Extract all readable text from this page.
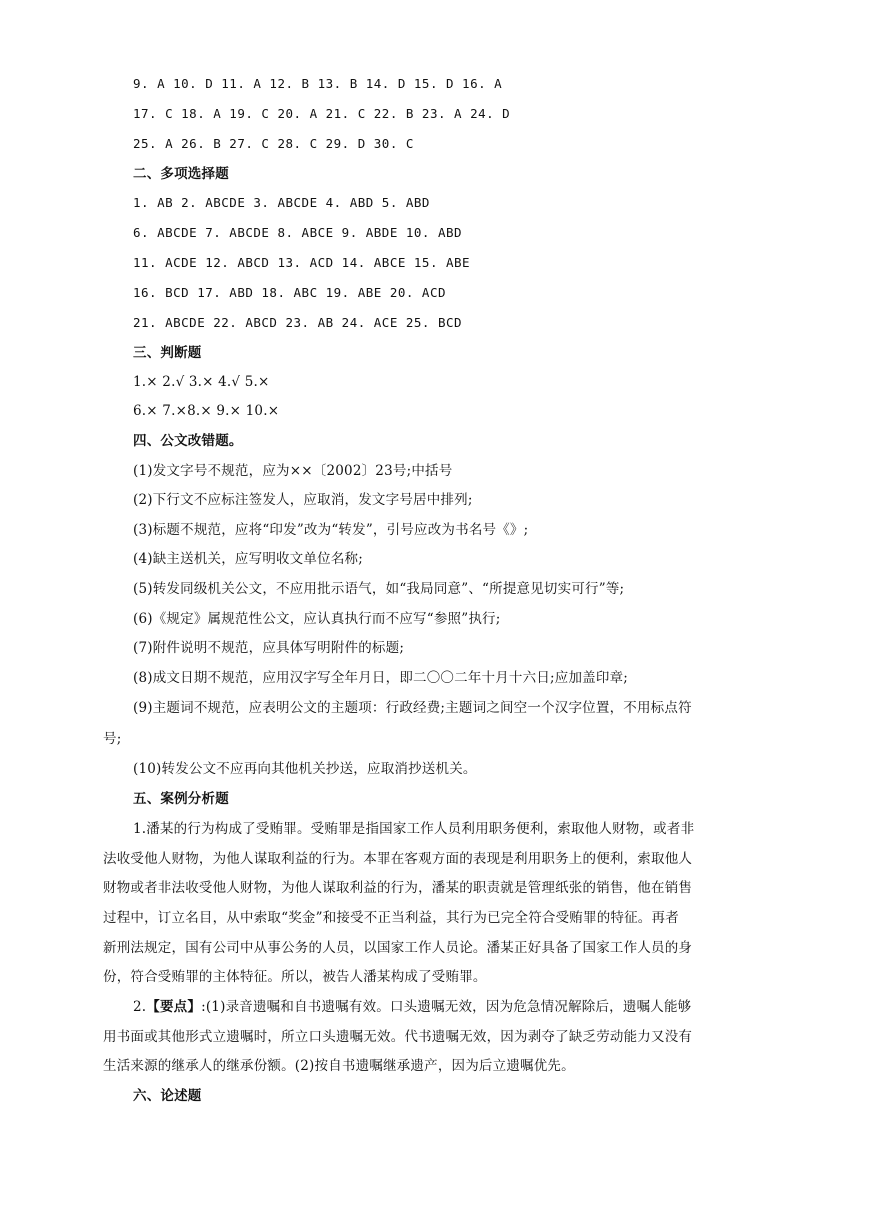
9. A 10. D 11. A 12. B 13. B 14. D 15. D 16. A
17. C 18. A 19. C 20. A 21. C 22. B 23. A 24. D
25. A 26. B 27. C 28. C 29. D 30. C
二、多项选择题
1. AB 2. ABCDE 3. ABCDE 4. ABD 5. ABD
6. ABCDE 7. ABCDE 8. ABCE 9. ABDE 10. ABD
11. ACDE 12. ABCD 13. ACD 14. ABCE 15. ABE
16. BCD 17. ABD 18. ABC 19. ABE 20. ACD
21. ABCDE 22. ABCD 23. AB 24. ACE 25. BCD
三、判断题
1.× 2.√ 3.× 4.√ 5.×
6.× 7.×8.× 9.× 10.×
四、公文改错题。
(1)发文字号不规范，应为××〔2002〕23号;中括号
(2)下行文不应标注签发人，应取消，发文字号居中排列;
(3)标题不规范，应将“印发”改为“转发”，引号应改为书名号《》;
(4)缺主送机关，应写明收文单位名称;
(5)转发同级机关公文，不应用批示语气，如“我局同意”、“所提意见切实可行”等;
(6)《规定》属规范性公文，应认真执行而不应写“参照”执行;
(7)附件说明不规范，应具体写明附件的标题;
(8)成文日期不规范，应用汉字写全年月日，即二〇〇二年十月十六日;应加盖印章;
(9)主题词不规范，应表明公文的主题项：行政经费;主题词之间空一个汉字位置，不用标点符
号;
(10)转发公文不应再向其他机关抄送，应取消抄送机关。
五、案例分析题
1.潘某的行为构成了受贿罪。受贿罪是指国家工作人员利用职务便利，索取他人财物，或者非
法收受他人财物，为他人谋取利益的行为。本罪在客观方面的表现是利用职务上的便利，索取他人
财物或者非法收受他人财物，为他人谋取利益的行为，潘某的职责就是管理纸张的销售，他在销售
过程中，订立名目，从中索取“奖金”和接受不正当利益，其行为已完全符合受贿罪的特征。再者
新刑法规定，国有公司中从事公务的人员，以国家工作人员论。潘某正好具备了国家工作人员的身
份，符合受贿罪的主体特征。所以，被告人潘某构成了受贿罪。
2.【要点】:(1)录音遗嘱和自书遗嘱有效。口头遗嘱无效，因为危急情况解除后，遗嘱人能够
用书面或其他形式立遗嘱时，所立口头遗嘱无效。代书遗嘱无效，因为剥夺了缺乏劳动能力又没有
生活来源的继承人的继承份额。(2)按自书遗嘱继承遗产，因为后立遗嘱优先。
六、论述题
